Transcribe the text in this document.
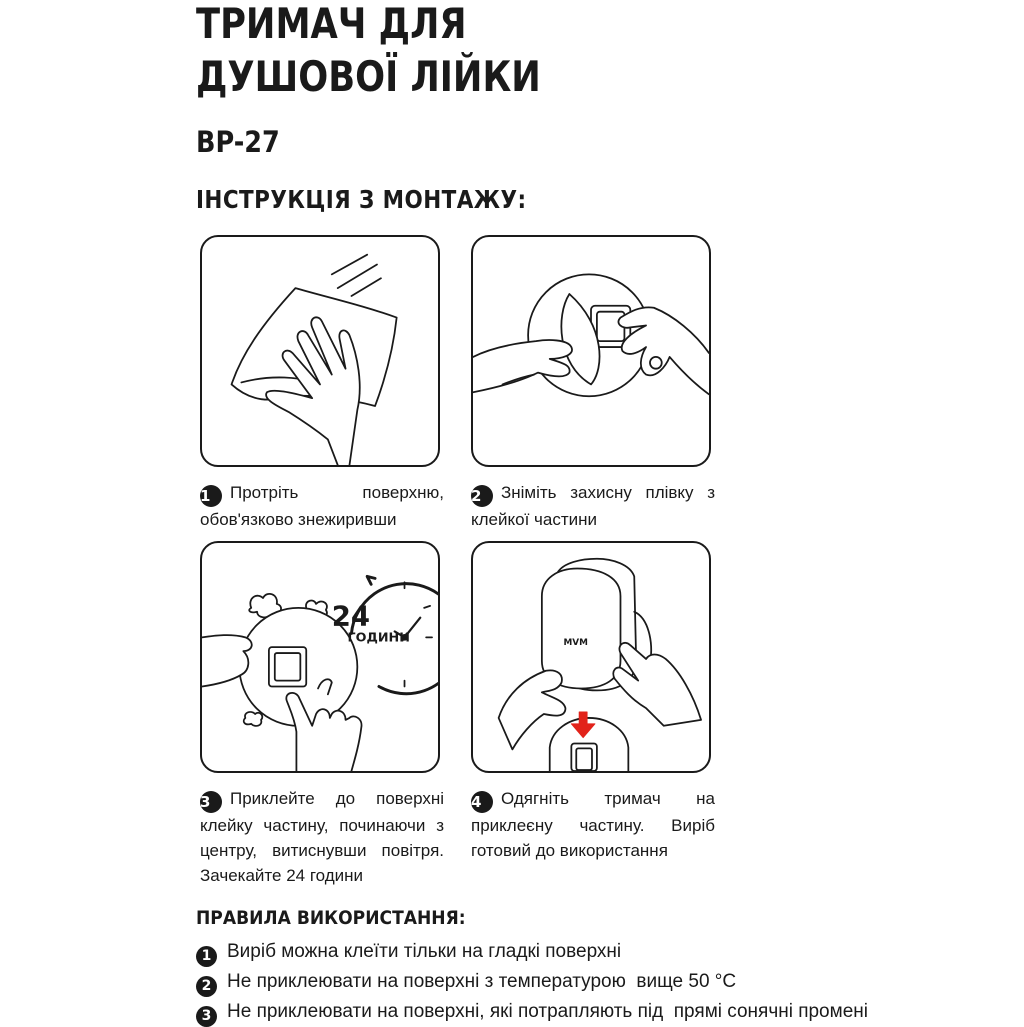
ТРИМАЧ ДЛЯ
ДУШОВОЇ ЛІЙКИ
BP-27
ІНСТРУКЦІЯ З МОНТАЖУ:
1 Протріть поверхню, обов'язково знежиривши
2 Зніміть захисну плівку з клейкої частини
24
ГОДИНИ	MVM
3 Приклейте до поверхні клейку частину, починаючи з центру, витиснувши повітря. Зачекайте 24 години
4 Одягніть тримач на приклеєну частину. Виріб готовий до використання
ПРАВИЛА ВИКОРИСТАННЯ:
1 Виріб можна клеїти тільки на гладкі поверхні
2 Не приклеювати на поверхні з температурою  вище 50 °С
3 Не приклеювати на поверхні, які потрапляють під  прямі сонячні промені
